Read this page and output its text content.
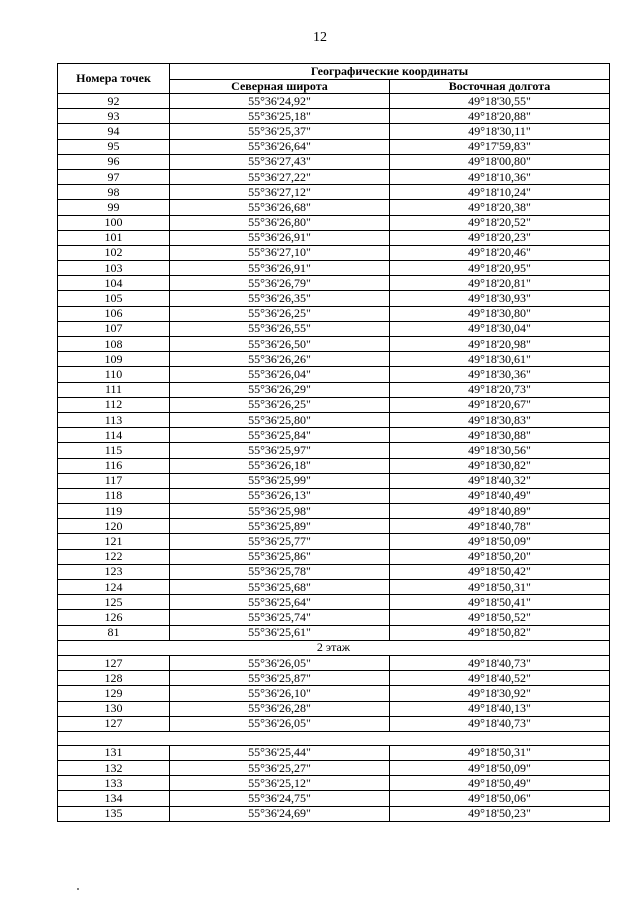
12
Номера точек	Географические координаты	
	Северная широта	Восточная долгота
92	55°36'24,92"	49°18'30,55"
93	55°36'25,18"	49°18'20,88"
94	55°36'25,37"	49°18'30,11"
95	55°36'26,64"	49°17'59,83"
96	55°36'27,43"	49°18'00,80"
97	55°36'27,22"	49°18'10,36"
98	55°36'27,12"	49°18'10,24"
99	55°36'26,68"	49°18'20,38"
100	55°36'26,80"	49°18'20,52"
101	55°36'26,91"	49°18'20,23"
102	55°36'27,10"	49°18'20,46"
103	55°36'26,91"	49°18'20,95"
104	55°36'26,79"	49°18'20,81"
105	55°36'26,35"	49°18'30,93"
106	55°36'26,25"	49°18'30,80"
107	55°36'26,55"	49°18'30,04"
108	55°36'26,50"	49°18'20,98"
109	55°36'26,26"	49°18'30,61"
110	55°36'26,04"	49°18'30,36"
111	55°36'26,29"	49°18'20,73"
112	55°36'26,25"	49°18'20,67"
113	55°36'25,80"	49°18'30,83"
114	55°36'25,84"	49°18'30,88"
115	55°36'25,97"	49°18'30,56"
116	55°36'26,18"	49°18'30,82"
117	55°36'25,99"	49°18'40,32"
118	55°36'26,13"	49°18'40,49"
119	55°36'25,98"	49°18'40,89"
120	55°36'25,89"	49°18'40,78"
121	55°36'25,77"	49°18'50,09"
122	55°36'25,86"	49°18'50,20"
123	55°36'25,78"	49°18'50,42"
124	55°36'25,68"	49°18'50,31"
125	55°36'25,64"	49°18'50,41"
126	55°36'25,74"	49°18'50,52"
81	55°36'25,61"	49°18'50,82"
2 этаж		
127	55°36'26,05"	49°18'40,73"
128	55°36'25,87"	49°18'40,52"
129	55°36'26,10"	49°18'30,92"
130	55°36'26,28"	49°18'40,13"
127	55°36'26,05"	49°18'40,73"

131	55°36'25,44"	49°18'50,31"
132	55°36'25,27"	49°18'50,09"
133	55°36'25,12"	49°18'50,49"
134	55°36'24,75"	49°18'50,06"
135	55°36'24,69"	49°18'50,23"
